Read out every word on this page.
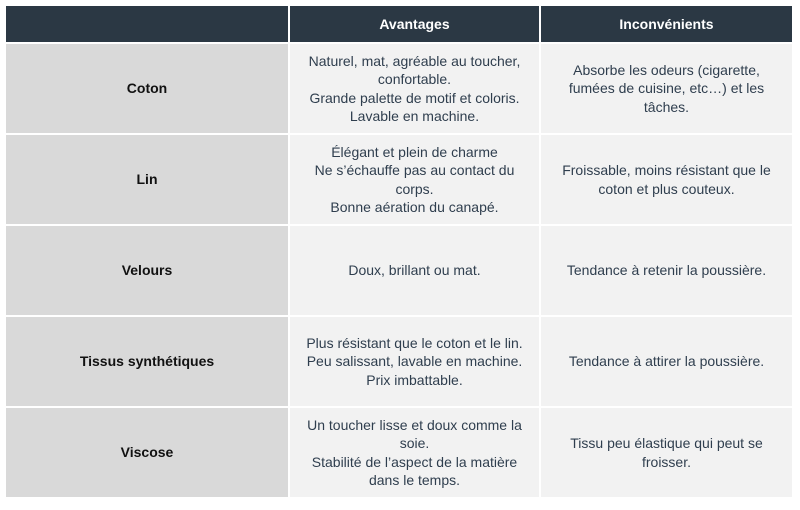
	Avantages	Inconvénients
Coton	Naturel, mat, agréable au toucher,
confortable.
Grande palette de motif et coloris.
Lavable en machine.	Absorbe les odeurs (cigarette,
fumées de cuisine, etc…) et les
tâches.

Lin	Élégant et plein de charme
Ne s’échauffe pas au contact du
corps.
Bonne aération du canapé.	Froissable, moins résistant que le
coton et plus couteux.

Velours	Doux, brillant ou mat.	Tendance à retenir la poussière.

Tissus synthétiques	Plus résistant que le coton et le lin.
Peu salissant, lavable en machine.
Prix imbattable.	Tendance à attirer la poussière.

Viscose	Un toucher lisse et doux comme la
soie.
Stabilité de l’aspect de la matière
dans le temps.	Tissu peu élastique qui peut se
froisser.
